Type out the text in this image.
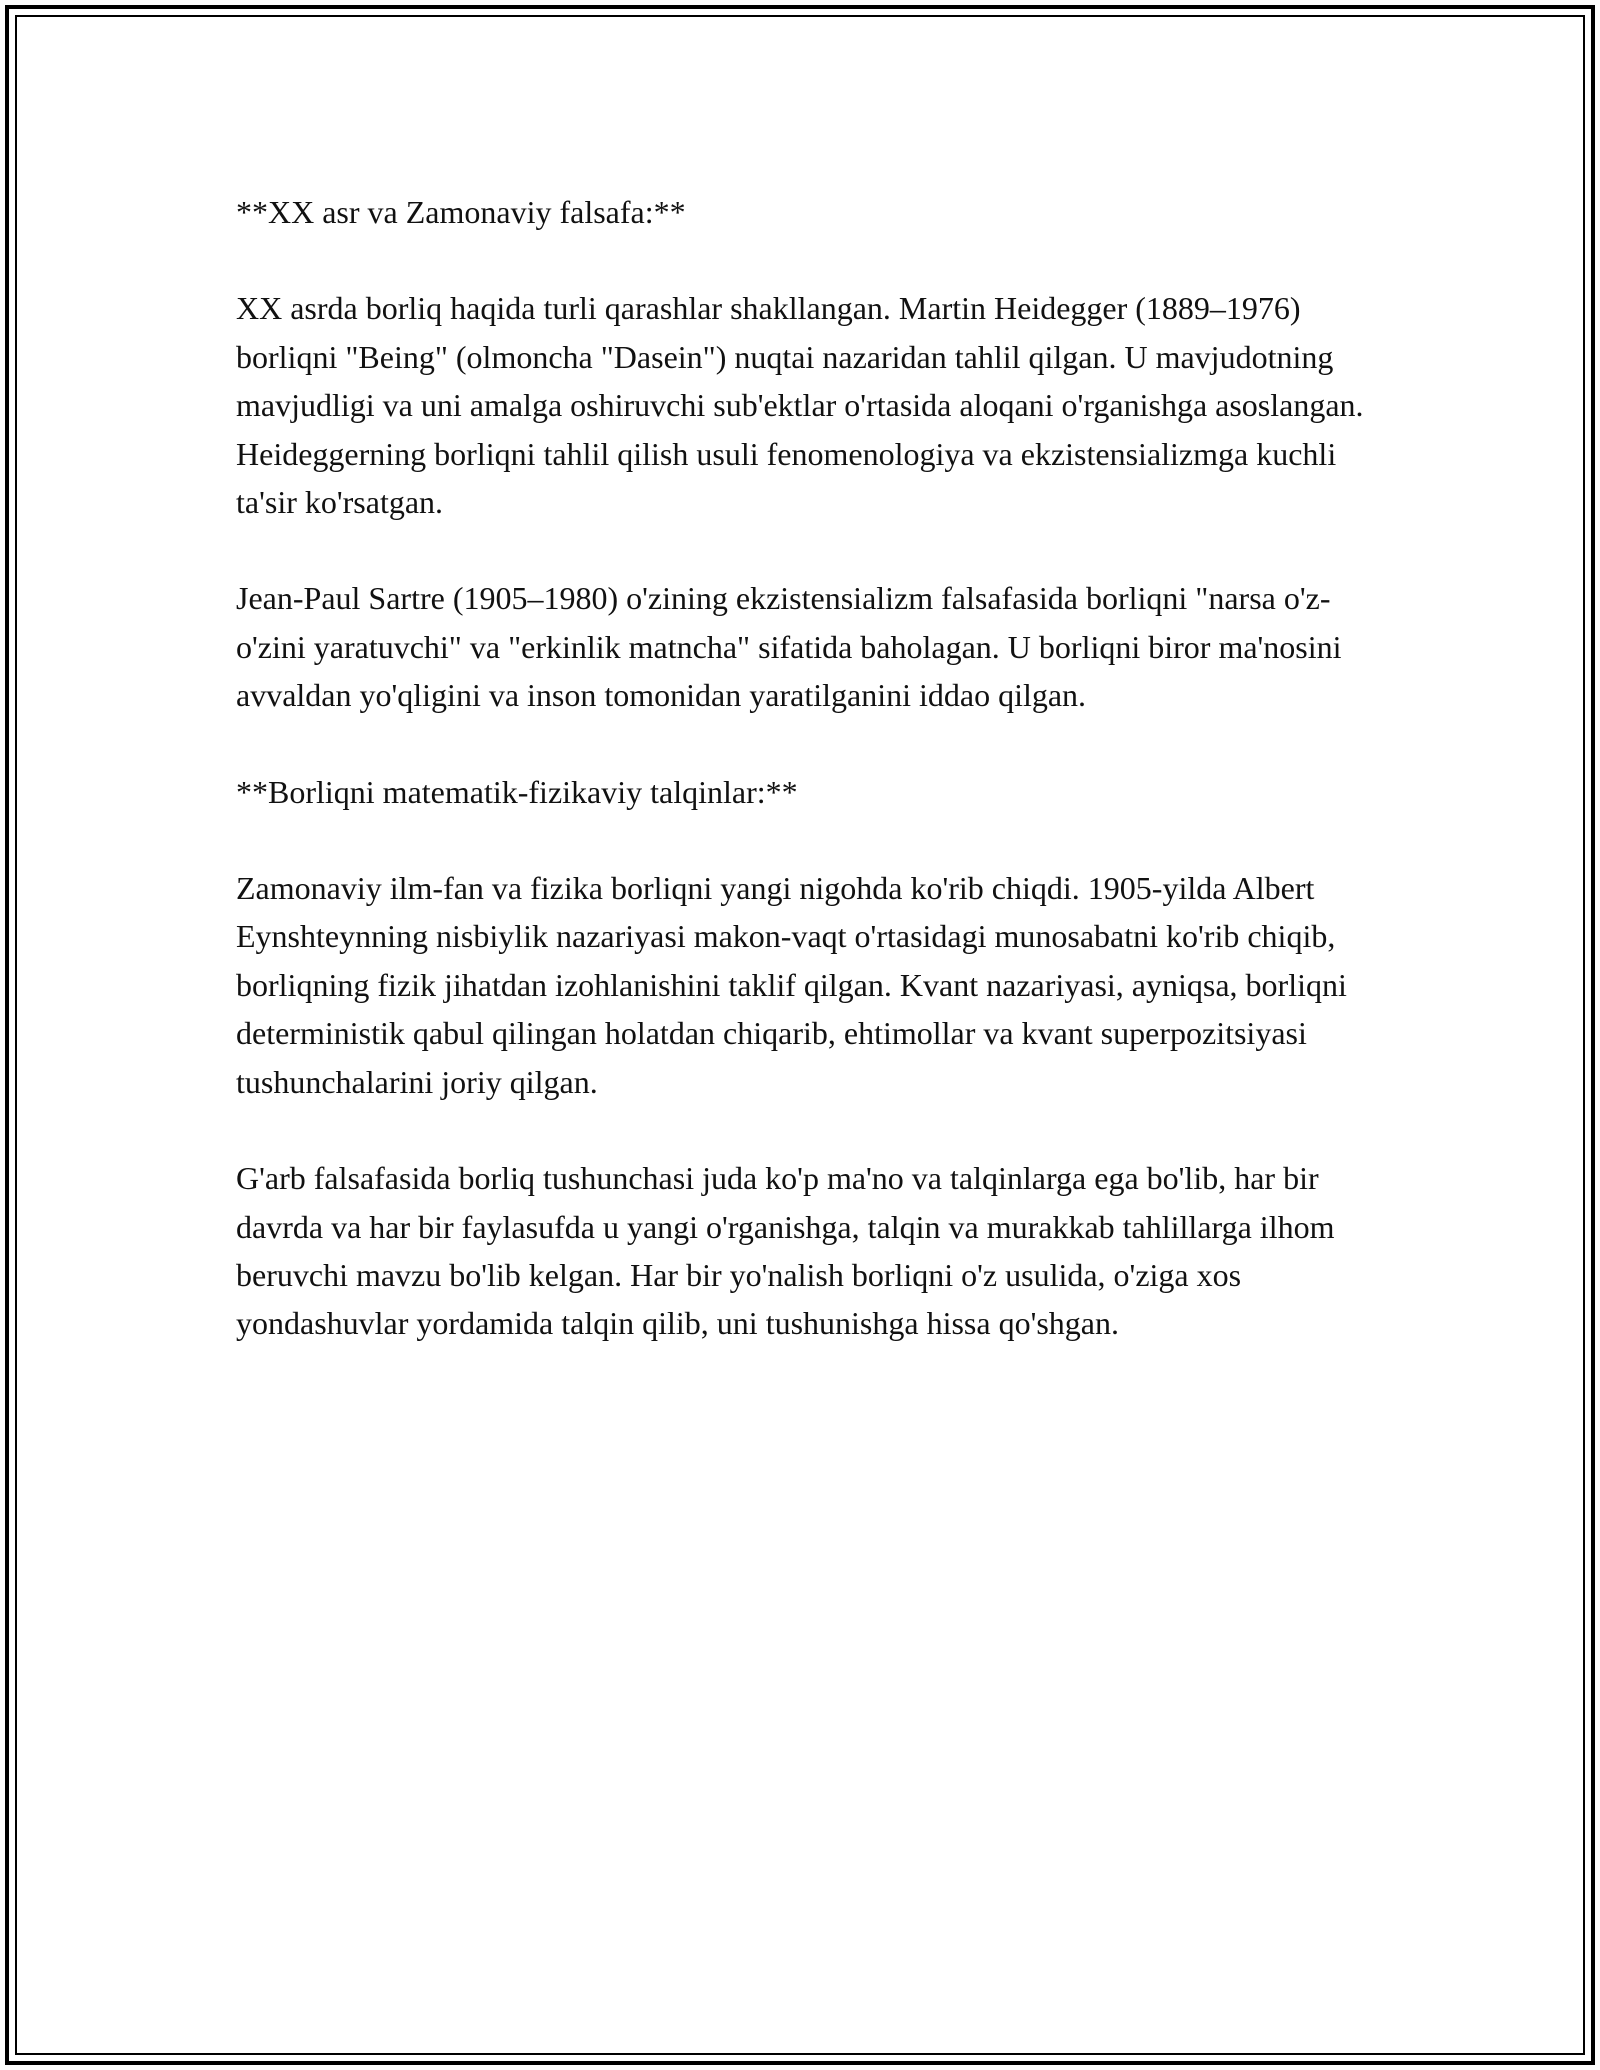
**XX asr va Zamonaviy falsafa:**

XX asrda borliq haqida turli qarashlar shakllangan. Martin Heidegger (1889–1976) borliqni "Being" (olmoncha "Dasein") nuqtai nazaridan tahlil qilgan. U mavjudotning mavjudligi va uni amalga oshiruvchi sub'ektlar o'rtasida aloqani o'rganishga asoslangan. Heideggerning borliqni tahlil qilish usuli fenomenologiya va ekzistensializmga kuchli ta'sir ko'rsatgan.

Jean-Paul Sartre (1905–1980) o'zining ekzistensializm falsafasida borliqni "narsa o'z-o'zini yaratuvchi" va "erkinlik matncha" sifatida baholagan. U borliqni biror ma'nosini avvaldan yo'qligini va inson tomonidan yaratilganini iddao qilgan.

**Borliqni matematik-fizikaviy talqinlar:**

Zamonaviy ilm-fan va fizika borliqni yangi nigohda ko'rib chiqdi. 1905-yilda Albert Eynshteynning nisbiylik nazariyasi makon-vaqt o'rtasidagi munosabatni ko'rib chiqib, borliqning fizik jihatdan izohlanishini taklif qilgan. Kvant nazariyasi, ayniqsa, borliqni deterministik qabul qilingan holatdan chiqarib, ehtimollar va kvant superpozitsiyasi tushunchalarini joriy qilgan.

G'arb falsafasida borliq tushunchasi juda ko'p ma'no va talqinlarga ega bo'lib, har bir davrda va har bir faylasufda u yangi o'rganishga, talqin va murakkab tahlillarga ilhom beruvchi mavzu bo'lib kelgan. Har bir yo'nalish borliqni o'z usulida, o'ziga xos yondashuvlar yordamida talqin qilib, uni tushunishga hissa qo'shgan.
